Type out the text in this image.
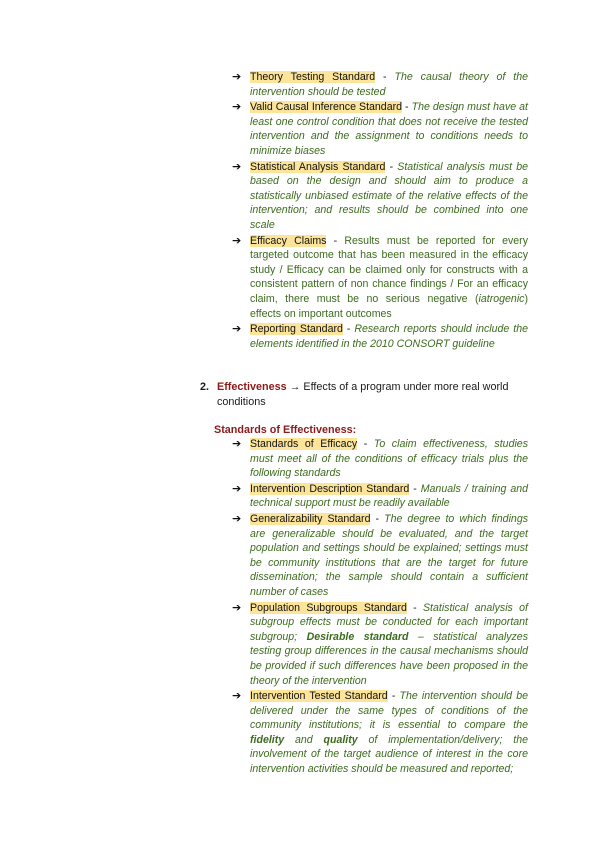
➔ Theory Testing Standard - The causal theory of the intervention should be tested
➔ Valid Causal Inference Standard - The design must have at least one control condition that does not receive the tested intervention and the assignment to conditions needs to minimize biases
➔ Statistical Analysis Standard - Statistical analysis must be based on the design and should aim to produce a statistically unbiased estimate of the relative effects of the intervention; and results should be combined into one scale
➔ Efficacy Claims - Results must be reported for every targeted outcome that has been measured in the efficacy study / Efficacy can be claimed only for constructs with a consistent pattern of non chance findings / For an efficacy claim, there must be no serious negative (iatrogenic) effects on important outcomes
➔ Reporting Standard - Research reports should include the elements identified in the 2010 CONSORT guideline
2. Effectiveness → Effects of a program under more real world conditions
Standards of Effectiveness:
➔ Standards of Efficacy - To claim effectiveness, studies must meet all of the conditions of efficacy trials plus the following standards
➔ Intervention Description Standard - Manuals / training and technical support must be readily available
➔ Generalizability Standard - The degree to which findings are generalizable should be evaluated, and the target population and settings should be explained; settings must be community institutions that are the target for future dissemination; the sample should contain a sufficient number of cases
➔ Population Subgroups Standard - Statistical analysis of subgroup effects must be conducted for each important subgroup; Desirable standard – statistical analyzes testing group differences in the causal mechanisms should be provided if such differences have been proposed in the theory of the intervention
➔ Intervention Tested Standard - The intervention should be delivered under the same types of conditions of the community institutions; it is essential to compare the fidelity and quality of implementation/delivery; the involvement of the target audience of interest in the core intervention activities should be measured and reported;
